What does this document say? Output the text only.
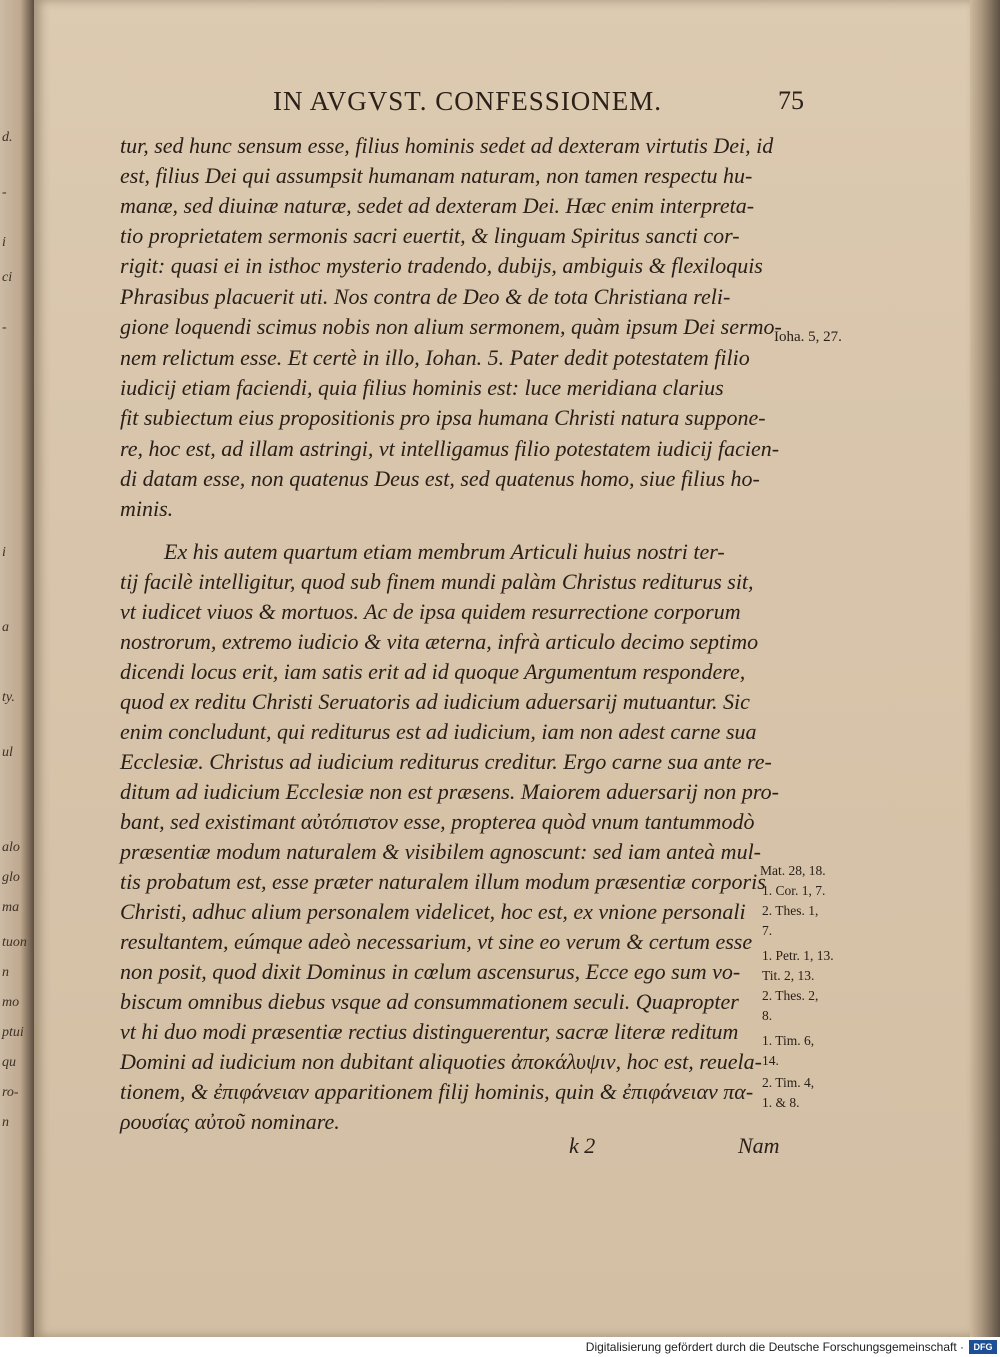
d.
-
i
ci
-
i
a
ty.
ul
alo
glo
ma
tuon
n
mo
ptui
qu
ro-
n
IN AVGVST. CONFESSIONEM.	75
tur, sed hunc sensum esse, filius hominis sedet ad dexteram virtutis Dei, id
est, filius Dei qui assumpsit humanam naturam, non tamen respectu hu-
manæ, sed diuinæ naturæ, sedet ad dexteram Dei. Hæc enim interpreta-
tio proprietatem sermonis sacri euertit, & linguam Spiritus sancti cor-
rigit: quasi ei in isthoc mysterio tradendo, dubijs, ambiguis & flexiloquis
Phrasibus placuerit uti. Nos contra de Deo & de tota Christiana reli-
gione loquendi scimus nobis non alium sermonem, quàm ipsum Dei sermo-
nem relictum esse. Et certè in illo, Iohan. 5. Pater dedit potestatem filio
iudicij etiam faciendi, quia filius hominis est: luce meridiana clarius
fit subiectum eius propositionis pro ipsa humana Christi natura suppone-
re, hoc est, ad illam astringi, vt intelligamus filio potestatem iudicij facien-
di datam esse, non quatenus Deus est, sed quatenus homo, siue filius ho-
minis.
Ex his autem quartum etiam membrum Articuli huius nostri ter-
tij facilè intelligitur, quod sub finem mundi palàm Christus rediturus sit,
vt iudicet viuos & mortuos. Ac de ipsa quidem resurrectione corporum
nostrorum, extremo iudicio & vita æterna, infrà articulo decimo septimo
dicendi locus erit, iam satis erit ad id quoque Argumentum respondere,
quod ex reditu Christi Seruatoris ad iudicium aduersarij mutuantur. Sic
enim concludunt, qui rediturus est ad iudicium, iam non adest carne sua
Ecclesiæ. Christus ad iudicium rediturus creditur. Ergo carne sua ante re-
ditum ad iudicium Ecclesiæ non est præsens. Maiorem aduersarij non pro-
bant, sed existimant αὐτόπιστον esse, propterea quòd vnum tantummodò
præsentiæ modum naturalem & visibilem agnoscunt: sed iam anteà mul-
tis probatum est, esse præter naturalem illum modum præsentiæ corporis
Christi, adhuc alium personalem videlicet, hoc est, ex vnione personali
resultantem, eúmque adeò necessarium, vt sine eo verum & certum esse
non posit, quod dixit Dominus in cœlum ascensurus, Ecce ego sum vo-
biscum omnibus diebus vsque ad consummationem seculi. Quapropter
vt hi duo modi præsentiæ rectius distinguerentur, sacræ literæ reditum
Domini ad iudicium non dubitant aliquoties ἀποκάλυψιν, hoc est, reuela-
tionem, & ἐπιφάνειαν apparitionem filij hominis, quin & ἐπιφάνειαν πα-
ρουσίας αὐτοῦ nominare.
Ioha. 5, 27.
Mat. 28, 18.
1. Cor. 1, 7.
2. Thes. 1,
7.
1. Petr. 1, 13.
Tit. 2, 13.
2. Thes. 2,
8.
1. Tim. 6,
14.
2. Tim. 4,
1. & 8.
k 2	Nam
Digitalisierung gefördert durch die Deutsche Forschungsgemeinschaft ·	DFG
